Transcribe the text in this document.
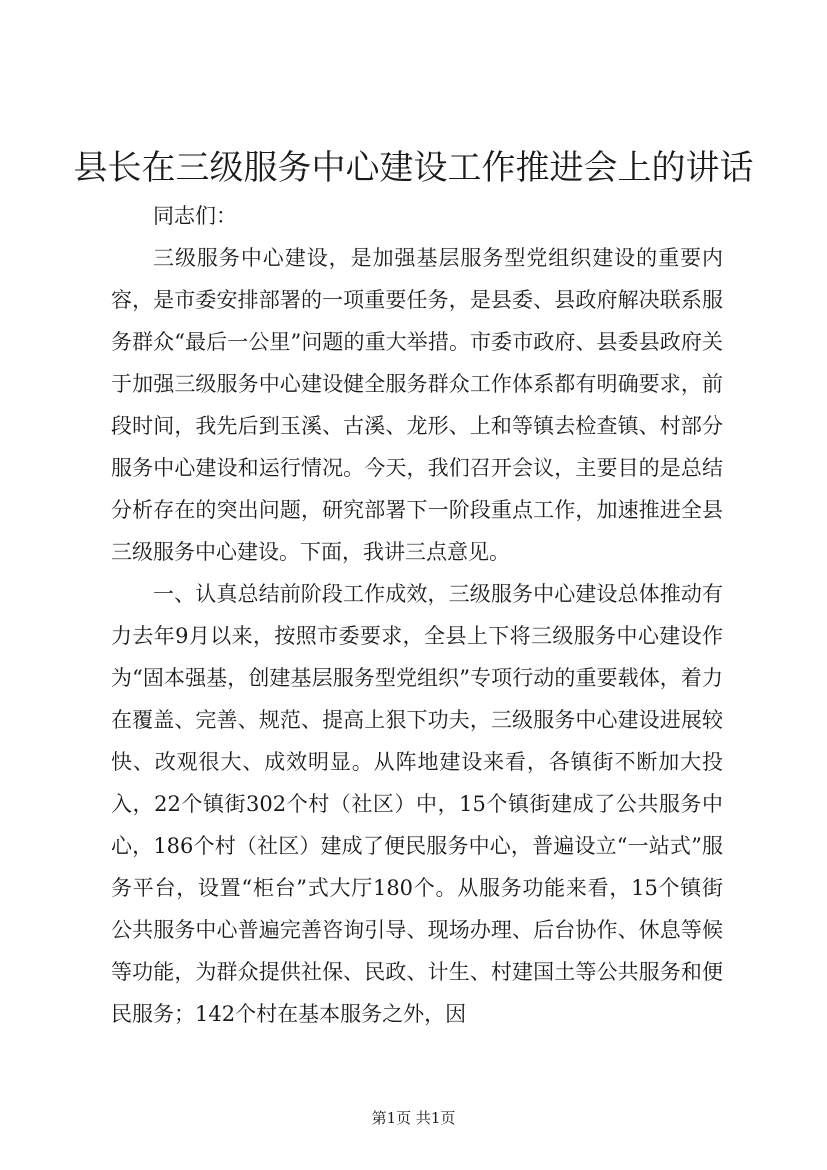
县长在三级服务中心建设工作推进会上的讲话

同志们：

三级服务中心建设，是加强基层服务型党组织建设的重要内容，是市委安排部署的一项重要任务，是县委、县政府解决联系服务群众“最后一公里”问题的重大举措。市委市政府、县委县政府关于加强三级服务中心建设健全服务群众工作体系都有明确要求，前段时间，我先后到玉溪、古溪、龙形、上和等镇去检查镇、村部分服务中心建设和运行情况。今天，我们召开会议，主要目的是总结分析存在的突出问题，研究部署下一阶段重点工作，加速推进全县三级服务中心建设。下面，我讲三点意见。

一、认真总结前阶段工作成效，三级服务中心建设总体推动有力去年9月以来，按照市委要求，全县上下将三级服务中心建设作为“固本强基，创建基层服务型党组织”专项行动的重要载体，着力在覆盖、完善、规范、提高上狠下功夫，三级服务中心建设进展较快、改观很大、成效明显。从阵地建设来看，各镇街不断加大投入，22个镇街302个村（社区）中，15个镇街建成了公共服务中心，186个村（社区）建成了便民服务中心，普遍设立“一站式”服务平台，设置“柜台”式大厅180个。从服务功能来看，15个镇街公共服务中心普遍完善咨询引导、现场办理、后台协作、休息等候等功能，为群众提供社保、民政、计生、村建国土等公共服务和便民服务；142个村在基本服务之外，因

第1页 共1页
